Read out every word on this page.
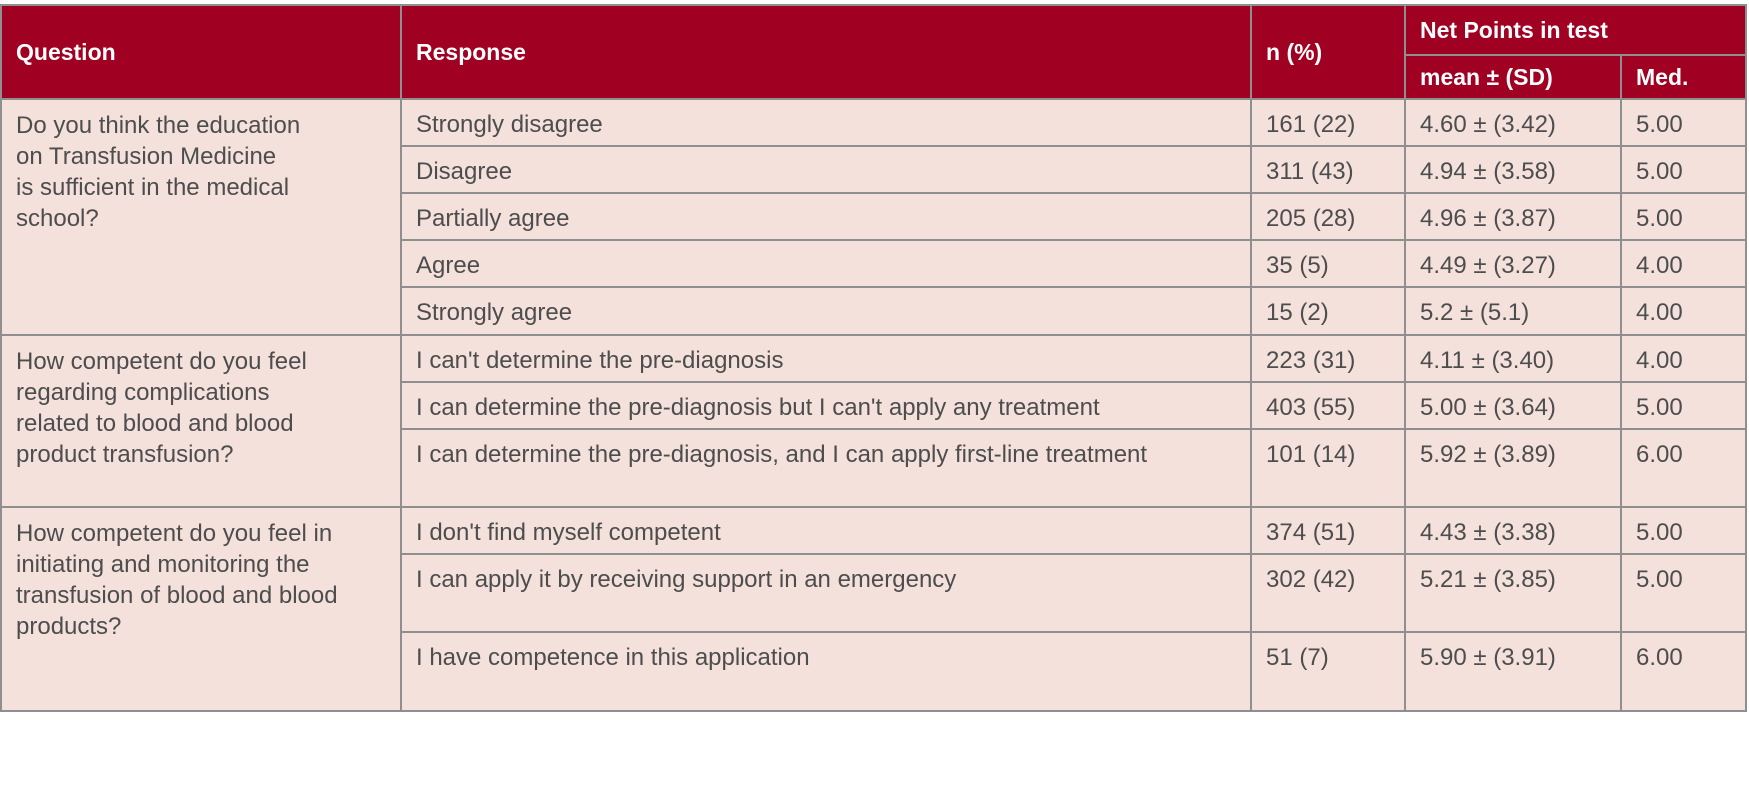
Question	Response	n (%)	Net Points in test	
			mean ± (SD)	Med.

Do you think the education
on Transfusion Medicine
is sufficient in the medical
school?	Strongly disagree	161 (22)	4.60 ± (3.42)	5.00
	Disagree	311 (43)	4.94 ± (3.58)	5.00
	Partially agree	205 (28)	4.96 ± (3.87)	5.00
	Agree	35 (5)	4.49 ± (3.27)	4.00
	Strongly agree	15 (2)	5.2 ± (5.1)	4.00

How competent do you feel
regarding complications
related to blood and blood
product transfusion?	I can't determine the pre-diagnosis	223 (31)	4.11 ± (3.40)	4.00
	I can determine the pre-diagnosis but I can't apply any treatment	403 (55)	5.00 ± (3.64)	5.00
	I can determine the pre-diagnosis, and I can apply first-line treatment	101 (14)	5.92 ± (3.89)	6.00

How competent do you feel in
initiating and monitoring the
transfusion of blood and blood
products?	I don't find myself competent	374 (51)	4.43 ± (3.38)	5.00
	I can apply it by receiving support in an emergency	302 (42)	5.21 ± (3.85)	5.00
	I have competence in this application	51 (7)	5.90 ± (3.91)	6.00
